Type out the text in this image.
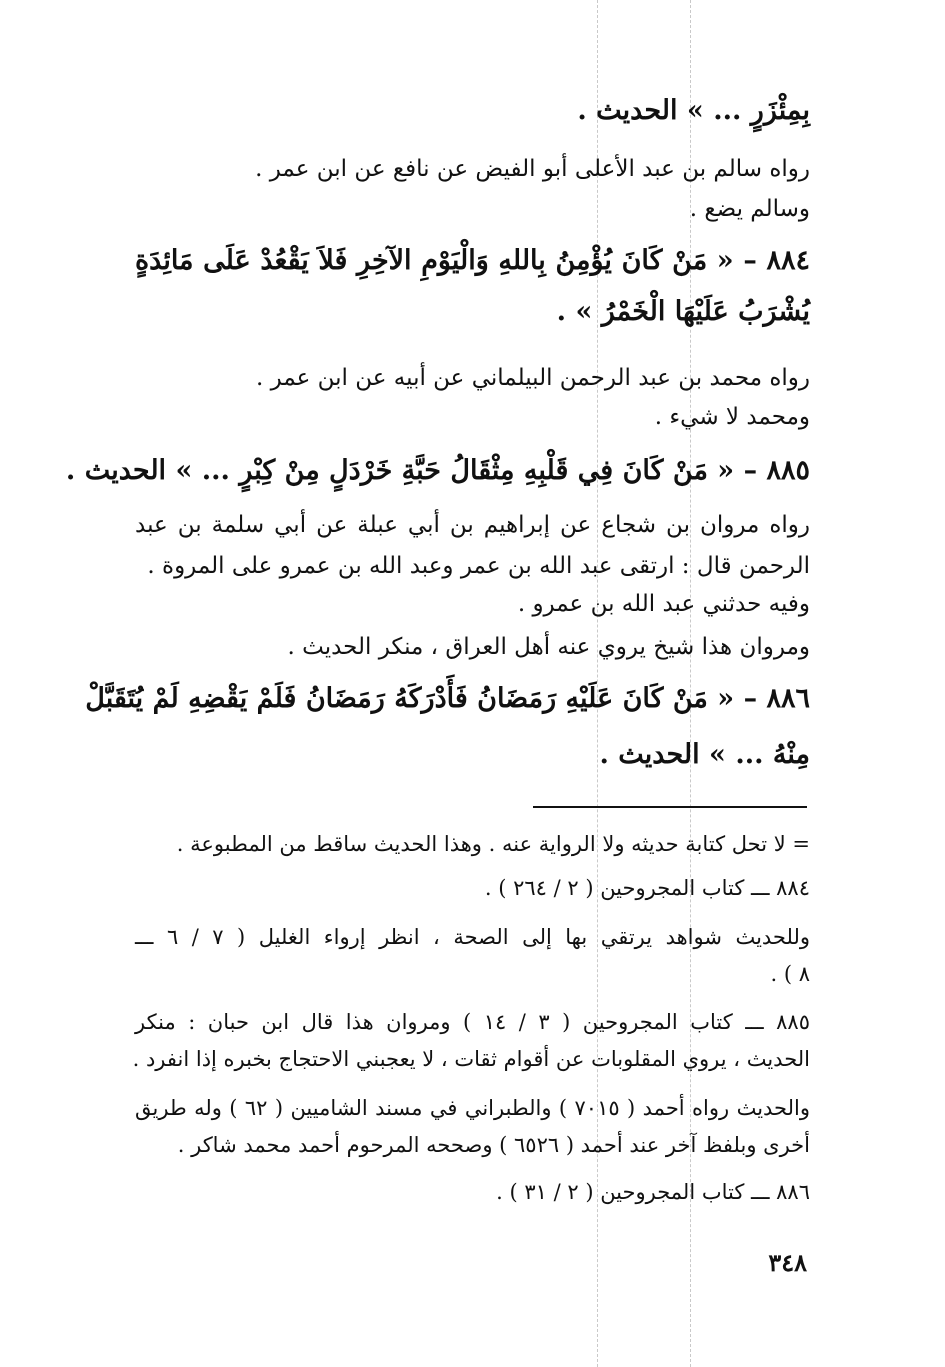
بِمِئْزَرٍ ... » الحديث .
رواه سالم بن عبد الأعلى أبو الفيض عن نافع عن ابن عمر .
وسالم يضع .
٨٨٤ – « مَنْ كَانَ يُؤْمِنُ بِاللهِ وَالْيَوْمِ الآخِرِ فَلاَ يَقْعُدْ عَلَى مَائِدَةٍ
يُشْرَبُ عَلَيْهَا الْخَمْرُ » .
رواه محمد بن عبد الرحمن البيلماني عن أبيه عن ابن عمر .
ومحمد لا شيء .
٨٨٥ – « مَنْ كَانَ فِي قَلْبِهِ مِثْقَالُ حَبَّةِ خَرْدَلٍ مِنْ كِبْرٍ ... » الحديث .
رواه مروان بن شجاع عن إبراهيم بن أبي عبلة عن أبي سلمة بن عبد
الرحمن قال : ارتقى عبد الله بن عمر وعبد الله بن عمرو على المروة .
وفيه حدثني عبد الله بن عمرو .
ومروان هذا شيخ يروي عنه أهل العراق ، منكر الحديث .
٨٨٦ – « مَنْ كَانَ عَلَيْهِ رَمَضَانُ فَأَدْرَكَهُ رَمَضَانُ فَلَمْ يَقْضِهِ لَمْ يُتَقَبَّلْ
مِنْهُ ... » الحديث .
= لا تحل كتابة حديثه ولا الرواية عنه . وهذا الحديث ساقط من المطبوعة .
٨٨٤ ـــ كتاب المجروحين ( ٢ / ٢٦٤ ) .
وللحديث شواهد يرتقي بها إلى الصحة ، انظر إرواء الغليل ( ٧ / ٦ ـــ
٨ ) .
٨٨٥ ـــ كتاب المجروحين ( ٣ / ١٤ ) ومروان هذا قال ابن حبان : منكر
الحديث ، يروي المقلوبات عن أقوام ثقات ، لا يعجبني الاحتجاج بخبره إذا انفرد .
والحديث رواه أحمد ( ٧٠١٥ ) والطبراني في مسند الشاميين ( ٦٢ ) وله طريق
أخرى وبلفظ آخر عند أحمد ( ٦٥٢٦ ) وصححه المرحوم أحمد محمد شاكر .
٨٨٦ ـــ كتاب المجروحين ( ٢ / ٣١ ) .
٣٤٨
